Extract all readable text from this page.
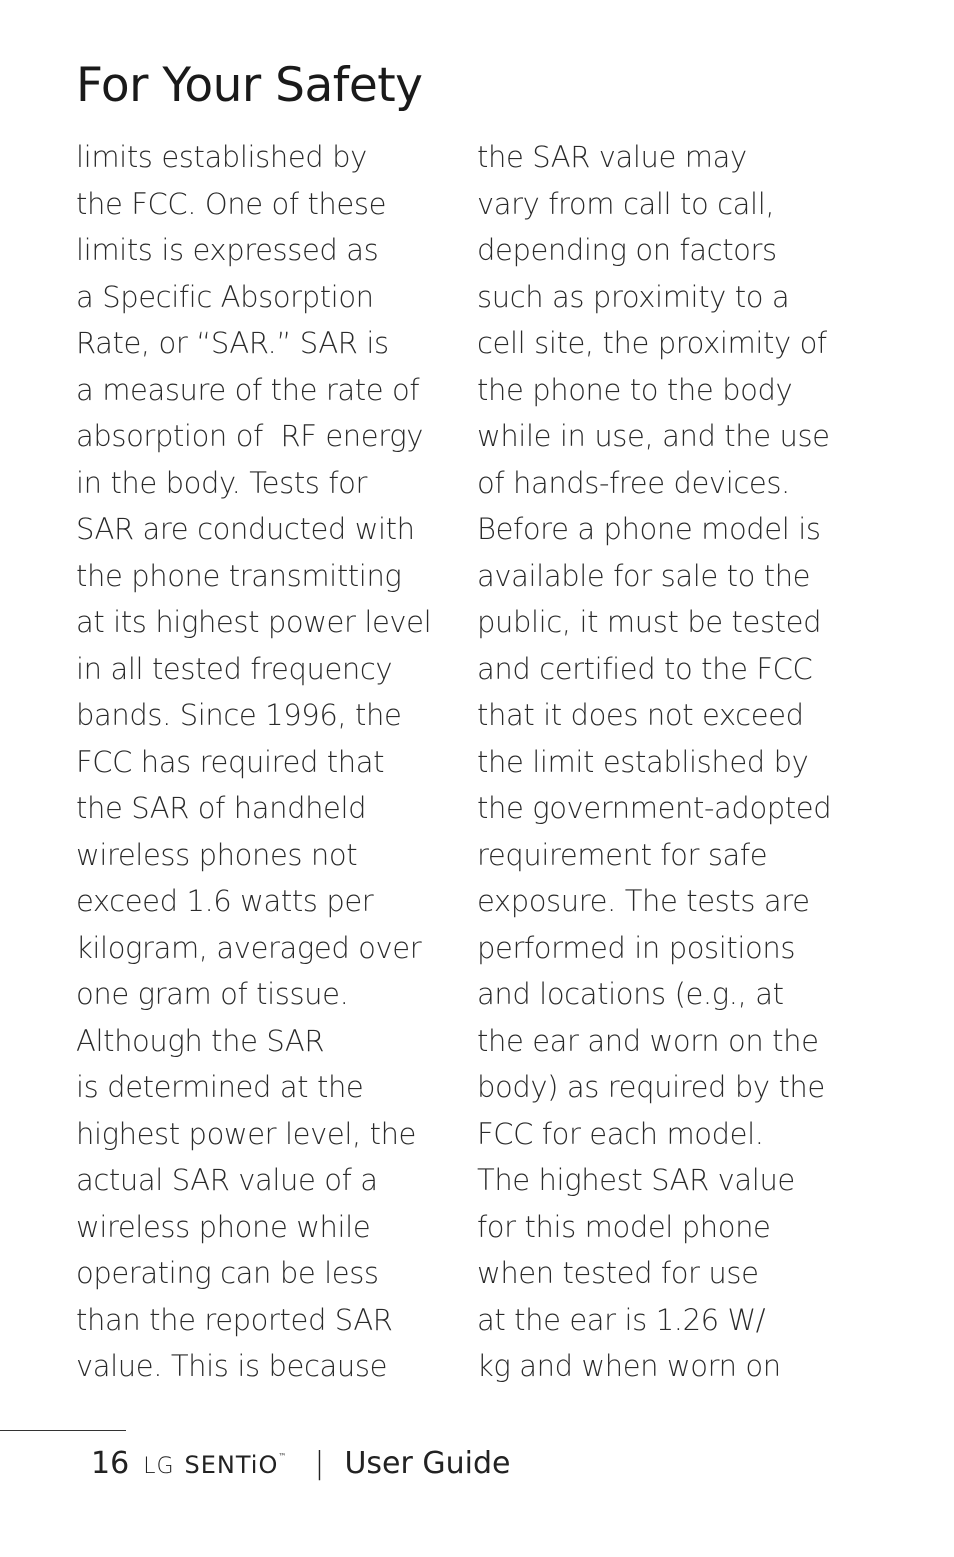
For Your Safety
limits established by
the FCC. One of these
limits is expressed as
a Specific Absorption
Rate, or “SAR.” SAR is
a measure of the rate of
absorption of  RF energy
in the body. Tests for
SAR are conducted with
the phone transmitting
at its highest power level
in all tested frequency
bands. Since 1996, the
FCC has required that
the SAR of handheld
wireless phones not
exceed 1.6 watts per
kilogram, averaged over
one gram of tissue.
Although the SAR
is determined at the
highest power level, the
actual SAR value of a
wireless phone while
operating can be less
than the reported SAR
value. This is because
the SAR value may
vary from call to call,
depending on factors
such as proximity to a
cell site, the proximity of
the phone to the body
while in use, and the use
of hands-free devices.
Before a phone model is
available for sale to the
public, it must be tested
and certified to the FCC
that it does not exceed
the limit established by
the government-adopted
requirement for safe
exposure. The tests are
performed in positions
and locations (e.g., at
the ear and worn on the
body) as required by the
FCC for each model.
The highest SAR value
for this model phone
when tested for use
at the ear is 1.26 W/
kg and when worn on
16 LG SENTiO ™ | User Guide
